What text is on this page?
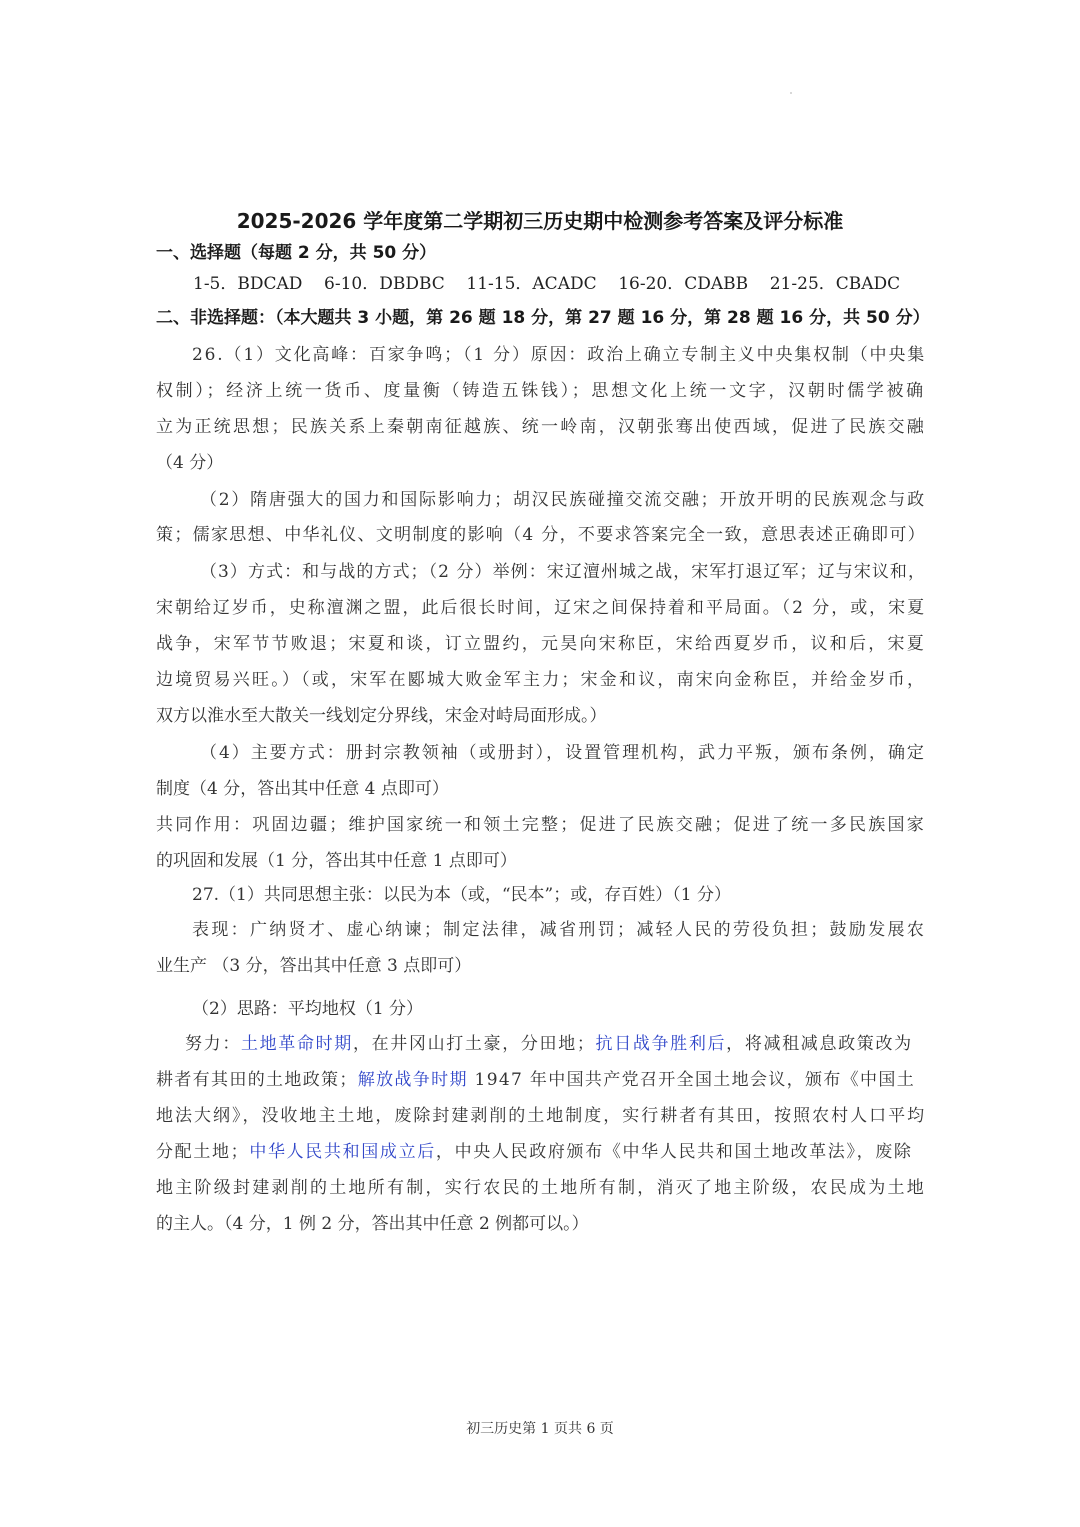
2025-2026 学年度第二学期初三历史期中检测参考答案及评分标准
一、选择题（每题 2 分，共 50 分）
1-5．BDCAD    6-10．DBDBC    11-15．ACADC    16-20．CDABB    21-25．CBADC
二、非选择题：（本大题共 3 小题，第 26 题 18 分，第 27 题 16 分，第 28 题 16 分，共 50 分）
26.（1）文化高峰：百家争鸣；（1 分）原因：政治上确立专制主义中央集权制（中央集
权制）；经济上统一货币、度量衡（铸造五铢钱）；思想文化上统一文字，汉朝时儒学被确
立为正统思想；民族关系上秦朝南征越族、统一岭南，汉朝张骞出使西域，促进了民族交融
（4 分）
（2）隋唐强大的国力和国际影响力；胡汉民族碰撞交流交融；开放开明的民族观念与政
策；儒家思想、中华礼仪、文明制度的影响（4 分，不要求答案完全一致，意思表述正确即可）
（3）方式：和与战的方式；（2 分）举例：宋辽澶州城之战，宋军打退辽军；辽与宋议和，
宋朝给辽岁币，史称澶渊之盟，此后很长时间，辽宋之间保持着和平局面。（2 分，或，宋夏
战争，宋军节节败退；宋夏和谈，订立盟约，元昊向宋称臣，宋给西夏岁币，议和后，宋夏
边境贸易兴旺。）（或，宋军在郾城大败金军主力；宋金和议，南宋向金称臣，并给金岁币，
双方以淮水至大散关一线划定分界线，宋金对峙局面形成。）
（4）主要方式：册封宗教领袖（或册封），设置管理机构，武力平叛，颁布条例，确定
制度（4 分，答出其中任意 4 点即可）
共同作用：巩固边疆；维护国家统一和领土完整；促进了民族交融；促进了统一多民族国家
的巩固和发展（1 分，答出其中任意 1 点即可）
27.（1）共同思想主张：以民为本（或，“民本”；或，存百姓）（1 分）
表现：广纳贤才、虚心纳谏；制定法律，减省刑罚；减轻人民的劳役负担；鼓励发展农
业生产 （3 分，答出其中任意 3 点即可）
（2）思路：平均地权（1 分）
努力：土地革命时期，在井冈山打土豪，分田地；抗日战争胜利后，将减租减息政策改为
耕者有其田的土地政策；解放战争时期 1947 年中国共产党召开全国土地会议，颁布《中国土
地法大纲》，没收地主土地，废除封建剥削的土地制度，实行耕者有其田，按照农村人口平均
分配土地；中华人民共和国成立后，中央人民政府颁布《中华人民共和国土地改革法》，废除
地主阶级封建剥削的土地所有制，实行农民的土地所有制，消灭了地主阶级，农民成为土地
的主人。（4 分，1 例 2 分，答出其中任意 2 例都可以。）
初三历史第 1 页共 6 页
